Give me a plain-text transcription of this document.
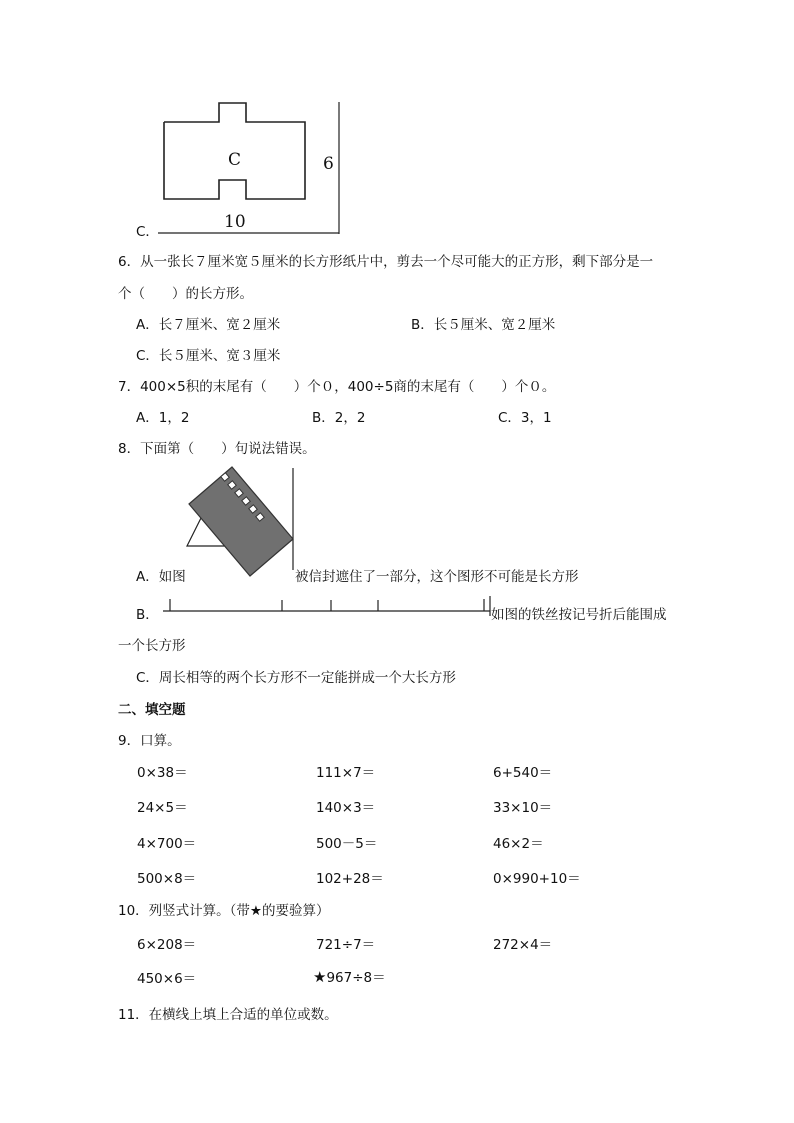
C．
C
10
6
6．从一张长７厘米宽５厘米的长方形纸片中，剪去一个尽可能大的正方形，剩下部分是一
个（　　）的长方形。
A．长７厘米、宽２厘米	B．长５厘米、宽２厘米
C．长５厘米、宽３厘米
7．400×5积的末尾有（　　）个０，400÷5商的末尾有（　　）个０。
A．1，2	B．2，2	C．3，1
8．下面第（　　）句说法错误。
A．如图	被信封遮住了一部分，这个图形不可能是长方形
B．	如图的铁丝按记号折后能围成
一个长方形
C．周长相等的两个长方形不一定能拼成一个大长方形
二、填空题
9．口算。
0×38＝	111×7＝	6+540＝
24×5＝	140×3＝	33×10＝
4×700＝	500－5＝	46×2＝
500×8＝	102+28＝	0×990+10＝
10．列竖式计算。（带★的要验算）
6×208＝	721÷7＝	272×4＝
450×6＝	★967÷8＝
11．在横线上填上合适的单位或数。
